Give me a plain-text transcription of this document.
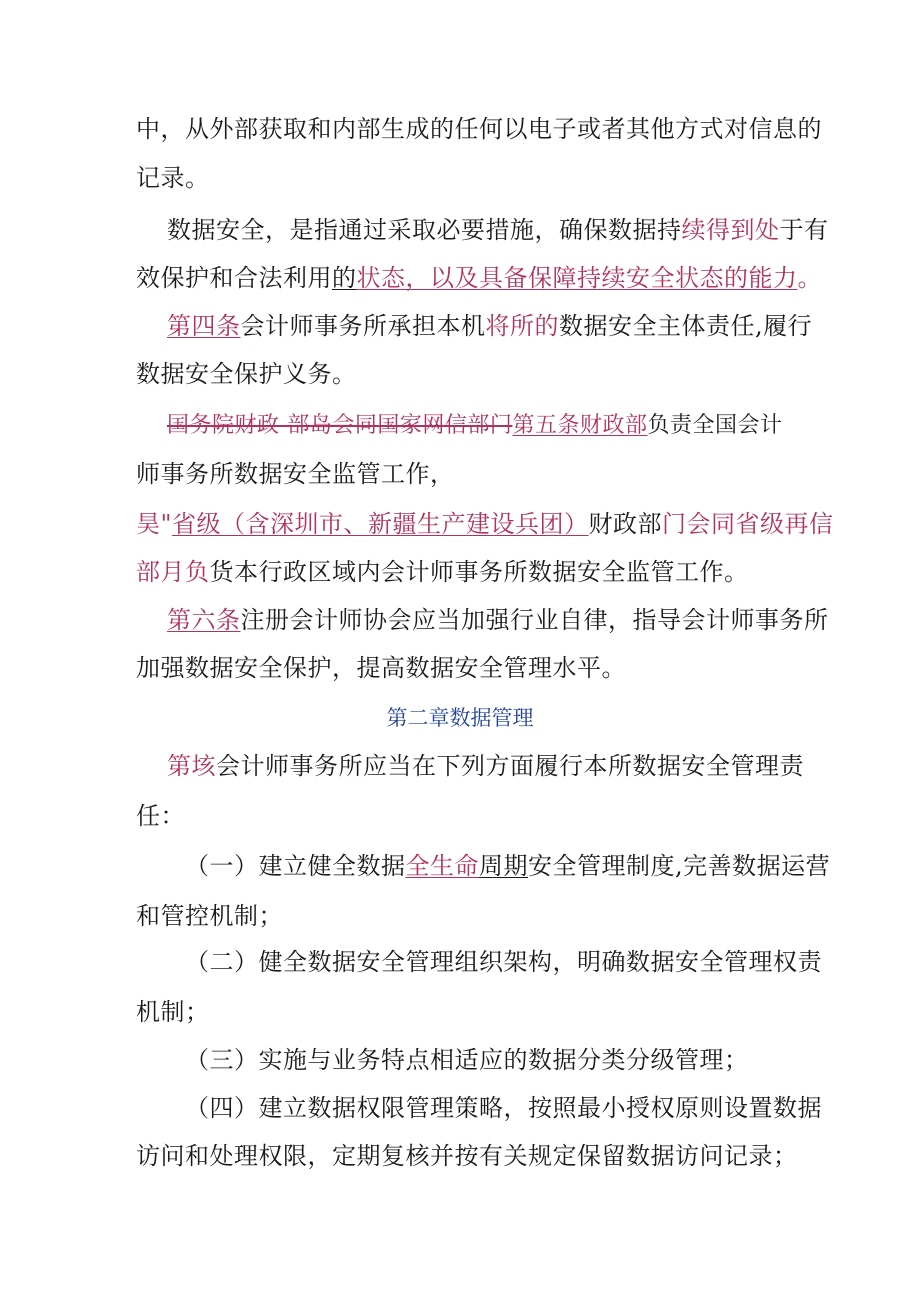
中，从外部获取和内部生成的任何以电子或者其他方式对信息的
记录。
数据安全，是指通过采取必要措施，确保数据持续得到处于有
效保护和合法利用的状态，以及具备保障持续安全状态的能力。
第四条会计师事务所承担本机将所的数据安全主体责任,履行
数据安全保护义务。
国务院财政-部岛会同国家网信部门第五条财政部负责全国会计
师事务所数据安全监管工作，
昊"省级（含深圳市、新疆生产建设兵团）财政部门会同省级再信
部月负货本行政区域内会计师事务所数据安全监管工作。
第六条注册会计师协会应当加强行业自律，指导会计师事务所
加强数据安全保护，提高数据安全管理水平。
第二章数据管理
第垓会计师事务所应当在下列方面履行本所数据安全管理责
任：
（一）建立健全数据全生命周期安全管理制度,完善数据运营
和管控机制；
（二）健全数据安全管理组织架构，明确数据安全管理权责
机制；
（三）实施与业务特点相适应的数据分类分级管理；
（四）建立数据权限管理策略，按照最小授权原则设置数据
访问和处理权限，定期复核并按有关规定保留数据访问记录；
